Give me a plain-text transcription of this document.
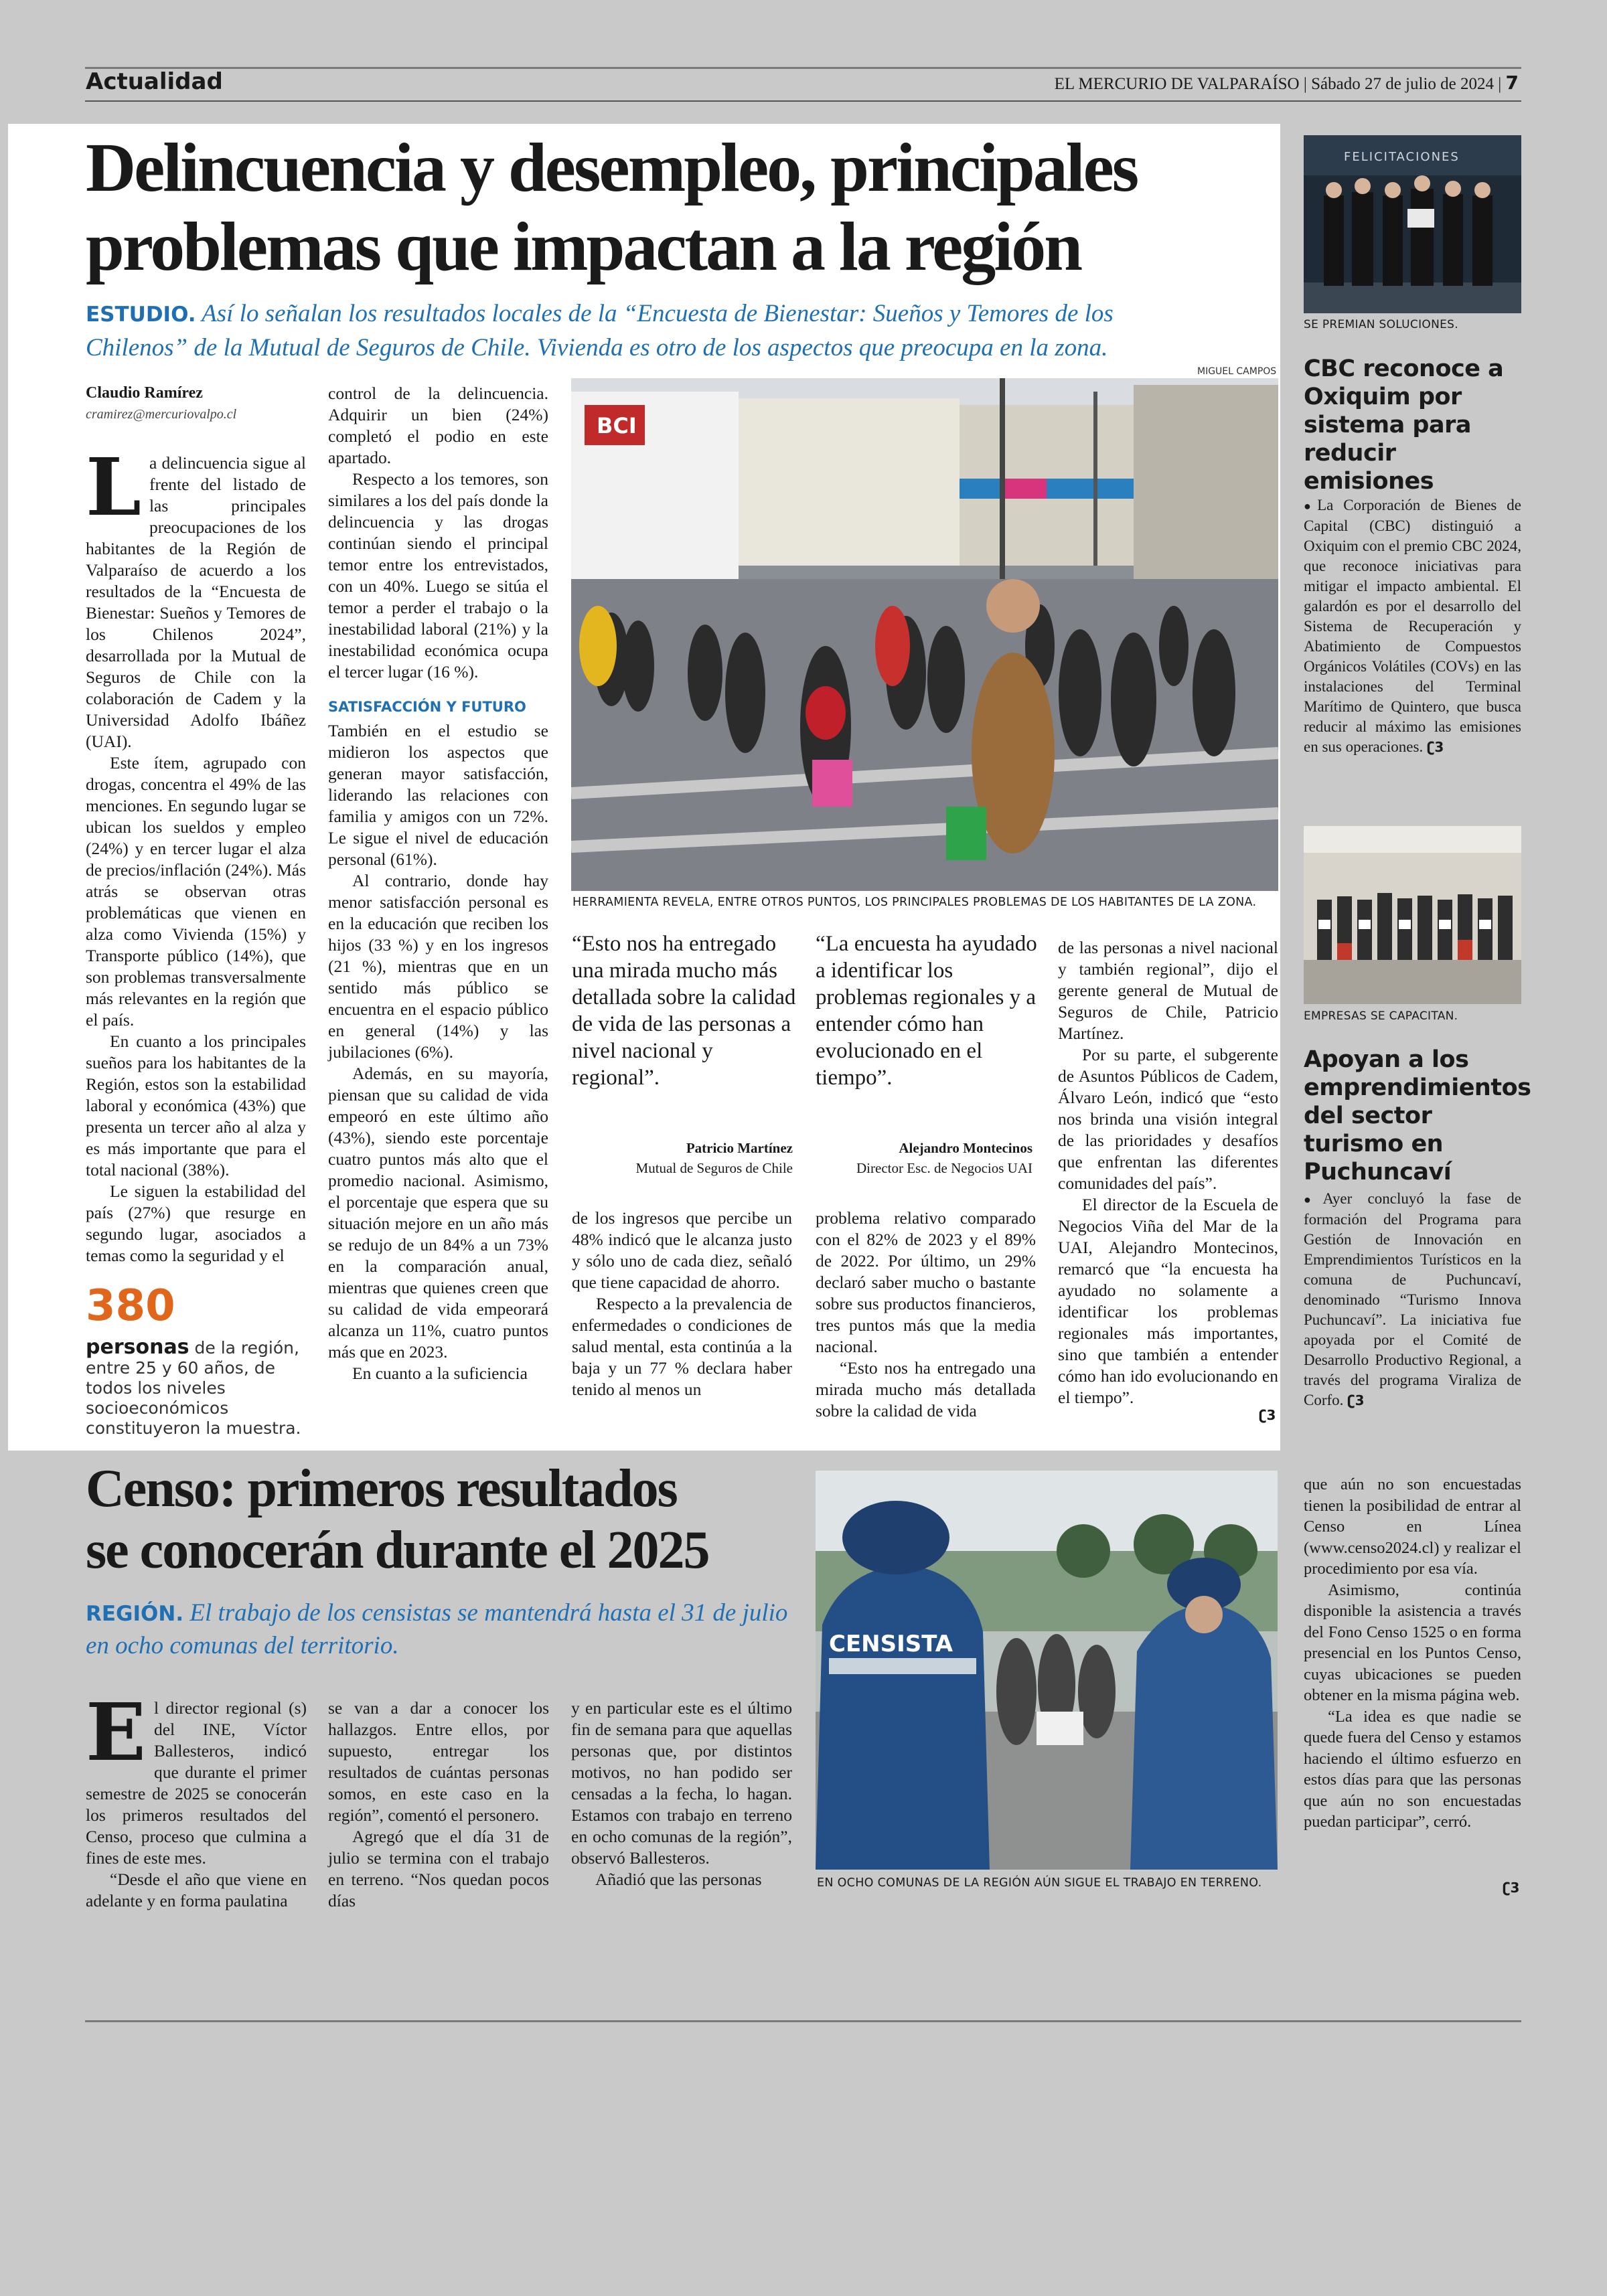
Actualidad	EL MERCURIO DE VALPARAÍSO | Sábado 27 de julio de 2024 | 7
Delincuencia y desempleo, principales
problemas que impactan a la región
ESTUDIO. Así lo señalan los resultados locales de la “Encuesta de Bienestar: Sueños y Temores de los
Chilenos” de la Mutual de Seguros de Chile. Vivienda es otro de los aspectos que preocupa en la zona.
Claudio Ramírez
cramirez@mercuriovalpo.cl

La delincuencia sigue al frente del listado de las principales preocupaciones de los habitantes de la Región de Valparaíso de acuerdo a los resultados de la “Encuesta de Bienestar: Sueños y Temores de los Chilenos 2024”, desarrollada por la Mutual de Seguros de Chile con la colaboración de Cadem y la Universidad Adolfo Ibáñez (UAI).

Este ítem, agrupado con drogas, concentra el 49% de las menciones. En segundo lugar se ubican los sueldos y empleo (24%) y en tercer lugar el alza de precios/inflación (24%). Más atrás se observan otras problemáticas que vienen en alza como Vivienda (15%) y Transporte público (14%), que son problemas transversalmente más relevantes en la región que el país.

En cuanto a los principales sueños para los habitantes de la Región, estos son la estabilidad laboral y económica (43%) que presenta un tercer año al alza y es más importante que para el total nacional (38%).

Le siguen la estabilidad del país (27%) que resurge en segundo lugar, asociados a temas como la seguridad y el

380
personas de la región, entre 25 y 60 años, de todos los niveles socioeconómicos constituyeron la muestra.

control de la delincuencia. Adquirir un bien (24%) completó el podio en este apartado.

Respecto a los temores, son similares a los del país donde la delincuencia y las drogas continúan siendo el principal temor entre los entrevistados, con un 40%. Luego se sitúa el temor a perder el trabajo o la inestabilidad laboral (21%) y la inestabilidad económica ocupa el tercer lugar (16 %).

SATISFACCIÓN Y FUTURO

También en el estudio se midieron los aspectos que generan mayor satisfacción, liderando las relaciones con familia y amigos con un 72%. Le sigue el nivel de educación personal (61%).

Al contrario, donde hay menor satisfacción personal es en la educación que reciben los hijos (33 %) y en los ingresos (21 %), mientras que en un sentido más público se encuentra en el espacio público en general (14%) y las jubilaciones (6%).

Además, en su mayoría, piensan que su calidad de vida empeoró en este último año (43%), siendo este porcentaje cuatro puntos más alto que el promedio nacional. Asimismo, el porcentaje que espera que su situación mejore en un año más se redujo de un 84% a un 73% en la comparación anual, mientras que quienes creen que su calidad de vida empeorará alcanza un 11%, cuatro puntos más que en 2023.

En cuanto a la suficiencia

MIGUEL CAMPOS
BCI
HERRAMIENTA REVELA, ENTRE OTROS PUNTOS, LOS PRINCIPALES PROBLEMAS DE LOS HABITANTES DE LA ZONA.
“Esto nos ha entregado una mirada mucho más detallada sobre la calidad de vida de las personas a nivel nacional y regional”.
Patricio Martínez
Mutual de Seguros de Chile
“La encuesta ha ayudado a identificar los problemas regionales y a entender cómo han evolucionado en el tiempo”.
Alejandro Montecinos
Director Esc. de Negocios UAI

de los ingresos que percibe un 48% indicó que le alcanza justo y sólo uno de cada diez, señaló que tiene capacidad de ahorro.

Respecto a la prevalencia de enfermedades o condiciones de salud mental, esta continúa a la baja y un 77 % declara haber tenido al menos un

problema relativo comparado con el 82% de 2023 y el 89% de 2022. Por último, un 29% declaró saber mucho o bastante sobre sus productos financieros, tres puntos más que la media nacional.

“Esto nos ha entregado una mirada mucho más detallada sobre la calidad de vida

de las personas a nivel nacional y también regional”, dijo el gerente general de Mutual de Seguros de Chile, Patricio Martínez.

Por su parte, el subgerente de Asuntos Públicos de Cadem, Álvaro León, indicó que “esto nos brinda una visión integral de las prioridades y desafíos que enfrentan las diferentes comunidades del país”.

El director de la Escuela de Negocios Viña del Mar de la UAI, Alejandro Montecinos, remarcó que “la encuesta ha ayudado no solamente a identificar los problemas regionales más importantes, sino que también a entender cómo han ido evolucionando en el tiempo”.

ʗ3
FELICITACIONES
SE PREMIAN SOLUCIONES.
CBC reconoce a Oxiquim por sistema para reducir emisiones

●La Corporación de Bienes de Capital (CBC) distinguió a Oxiquim con el premio CBC 2024, que reconoce iniciativas para mitigar el impacto ambiental. El galardón es por el desarrollo del Sistema de Recuperación y Abatimiento de Compuestos Orgánicos Volátiles (COVs) en las instalaciones del Terminal Marítimo de Quintero, que busca reducir al máximo las emisiones en sus operaciones. ʗ3

EMPRESAS SE CAPACITAN.
Apoyan a los emprendimientos del sector turismo en Puchuncaví

●Ayer concluyó la fase de formación del Programa para Gestión de Innovación en Emprendimientos Turísticos en la comuna de Puchuncaví, denominado “Turismo Innova Puchuncaví”. La iniciativa fue apoyada por el Comité de Desarrollo Productivo Regional, a través del programa Viraliza de Corfo. ʗ3

Censo: primeros resultados
se conocerán durante el 2025
REGIÓN. El trabajo de los censistas se mantendrá hasta el 31 de julio en ocho comunas del territorio.

El director regional (s) del INE, Víctor Ballesteros, indicó que durante el primer semestre de 2025 se conocerán los primeros resultados del Censo, proceso que culmina a fines de este mes.

“Desde el año que viene en adelante y en forma paulatina

se van a dar a conocer los hallazgos. Entre ellos, por supuesto, entregar los resultados de cuántas personas somos, en este caso en la región”, comentó el personero.

Agregó que el día 31 de julio se termina con el trabajo en terreno. “Nos quedan pocos días

y en particular este es el último fin de semana para que aquellas personas que, por distintos motivos, no han podido ser censadas a la fecha, lo hagan. Estamos con trabajo en terreno en ocho comunas de la región”, observó Ballesteros.

Añadió que las personas

CENSISTA
EN OCHO COMUNAS DE LA REGIÓN AÚN SIGUE EL TRABAJO EN TERRENO.

que aún no son encuestadas tienen la posibilidad de entrar al Censo en Línea (www.censo2024.cl) y realizar el procedimiento por esa vía.

Asimismo, continúa disponible la asistencia a través del Fono Censo 1525 o en forma presencial en los Puntos Censo, cuyas ubicaciones se pueden obtener en la misma página web.

“La idea es que nadie se quede fuera del Censo y estamos haciendo el último esfuerzo en estos días para que las personas que aún no son encuestadas puedan participar”, cerró.

ʗ3
